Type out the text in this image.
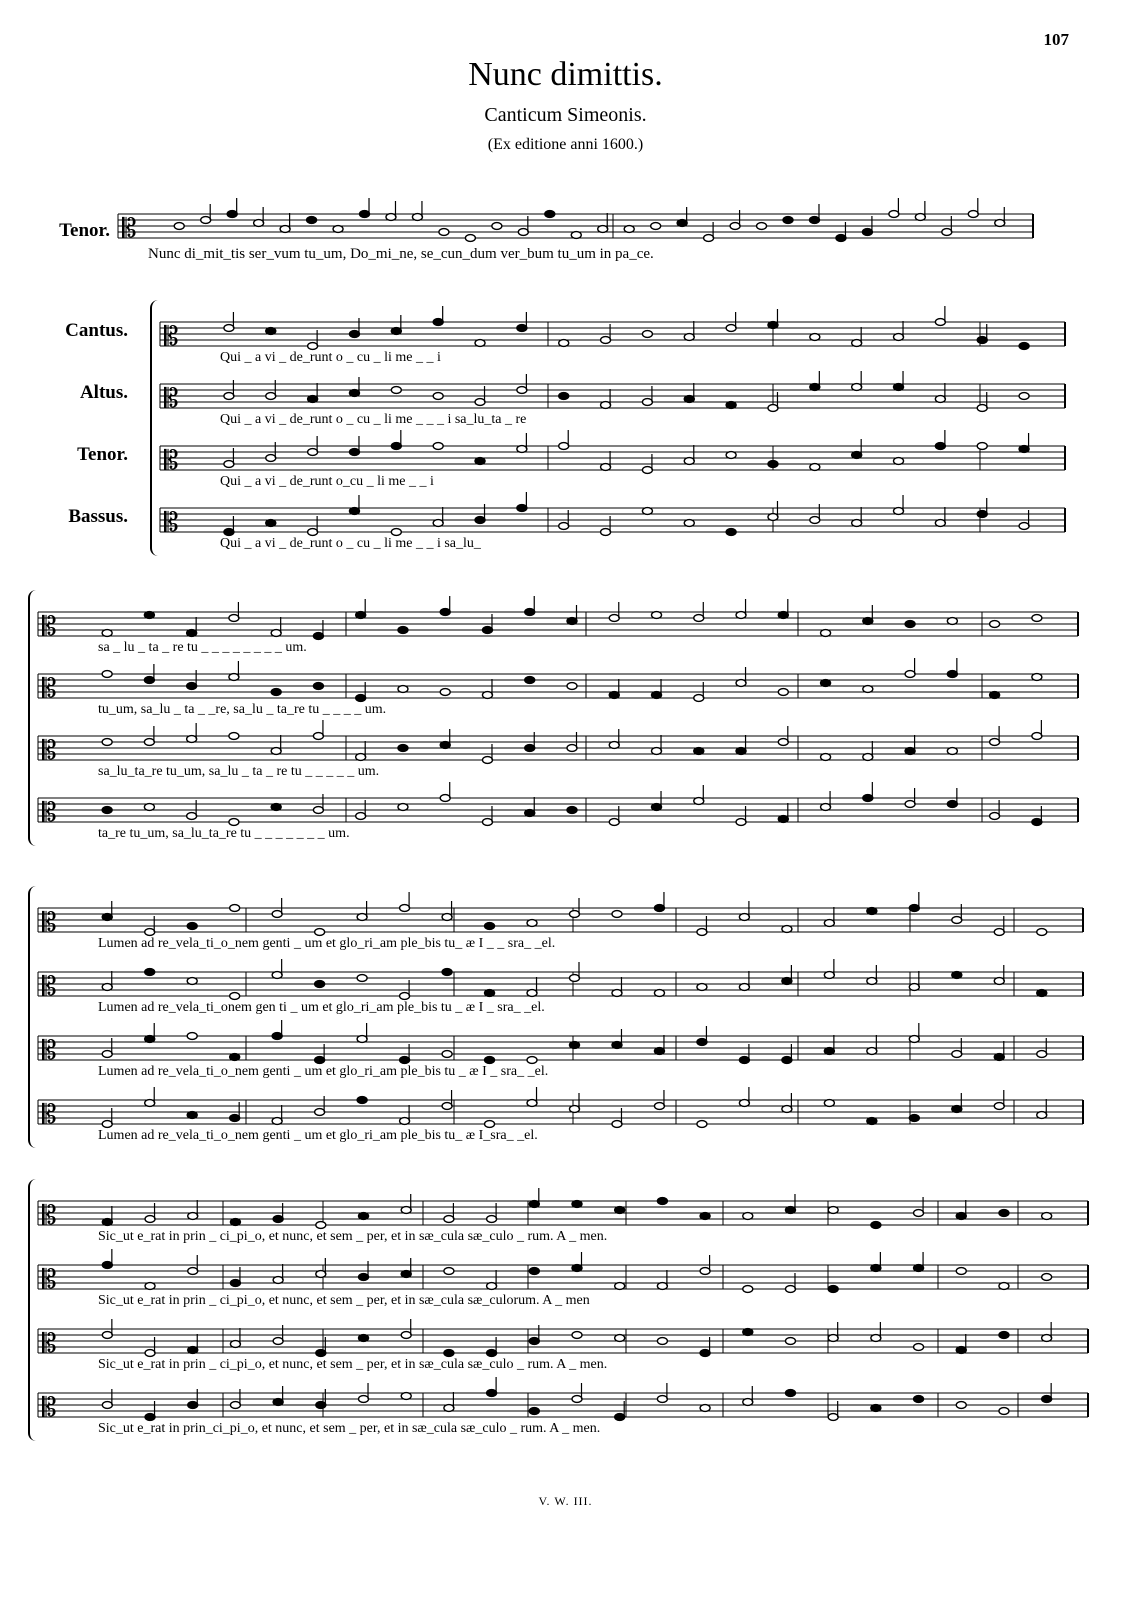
107
Nunc dimittis.
Canticum Simeonis.
(Ex editione anni 1600.)
Tenor. 𝄡
Nunc di_mit_tis ser_vum tu_um, Do_mi_ne, se_cun_dum ver_bum tu_um in pa_ce.
Cantus. 𝄡
Qui _ a vi _ de_runt o _ cu _ li me _ _ i
Altus. 𝄡
Qui _ a vi _ de_runt o _ cu _ li me _ _ _ i sa_lu_ta _ re
Tenor. 𝄡
Qui _ a vi _ de_runt o_cu _ li me _ _ i
Bassus. 𝄡
Qui _ a vi _ de_runt o _ cu _ li me _ _ i sa_lu_
𝄡
sa _ lu _ ta _ re tu _ _ _ _ _ _ _ _ um.
𝄡
tu_um, sa_lu _ ta _ _re, sa_lu _ ta_re tu _ _ _ _ um.
𝄡
sa_lu_ta_re tu_um, sa_lu _ ta _ re tu _ _ _ _ _ um.
𝄡
ta_re tu_um, sa_lu_ta_re tu _ _ _ _ _ _ _ um.
𝄡
Lumen ad re_vela_ti_o_nem genti _ um et glo_ri_am ple_bis tu_ æ I _ _ sra_ _el.
𝄡
Lumen ad re_vela_ti_onem gen ti _ um et glo_ri_am ple_bis tu _ æ I _ sra_ _el.
𝄡
Lumen ad re_vela_ti_o_nem genti _ um et glo_ri_am ple_bis tu _ æ I _ sra_ _el.
𝄡
Lumen ad re_vela_ti_o_nem genti _ um et glo_ri_am ple_bis tu_ æ I_sra_ _el.
𝄡
Sic_ut e_rat in prin _ ci_pi_o, et nunc, et sem _ per, et in sæ_cula sæ_culo _ rum. A _ men.
𝄡
Sic_ut e_rat in prin _ ci_pi_o, et nunc, et sem _ per, et in sæ_cula sæ_culorum. A _ men
𝄡
Sic_ut e_rat in prin _ ci_pi_o, et nunc, et sem _ per, et in sæ_cula sæ_culo _ rum. A _ men.
𝄡
Sic_ut e_rat in prin_ci_pi_o, et nunc, et sem _ per, et in sæ_cula sæ_culo _ rum. A _ men.
V. W. III.
